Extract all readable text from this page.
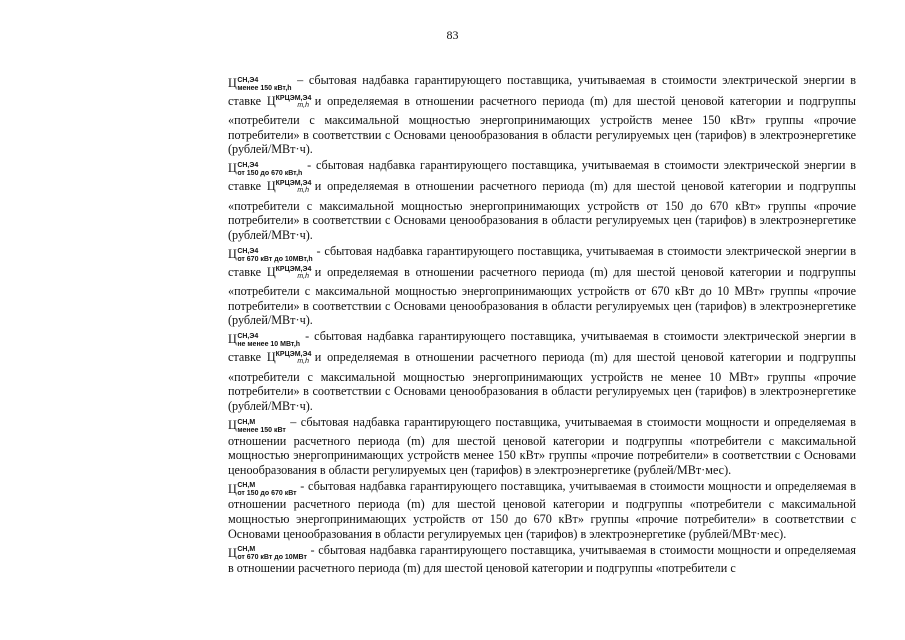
83

Ц СН,Э4
менее 150 кВт,h
– сбытовая надбавка гарантирующего поставщика, учитываемая в стоимости электрической энергии в ставке $Ц^{КРЦЭМ,Э4}m,h$ и определяемая в отношении расчетного периода (m) для шестой ценовой категории и подгруппы «потребители с максимальной мощностью энергопринимающих устройств менее 150 кВт» группы «прочие потребители» в соответствии с Основами ценообразования в области регулируемых цен (тарифов) в электроэнергетике (рублей/МВт·ч).

Ц СН,Э4
от 150 до 670 кВт,h
- сбытовая надбавка гарантирующего поставщика, учитываемая в стоимости электрической энергии в ставке $Ц^{КРЦЭМ,Э4}m,h$ и определяемая в отношении расчетного периода (m) для шестой ценовой категории и подгруппы «потребители с максимальной мощностью энергопринимающих устройств от 150 до 670 кВт» группы «прочие потребители» в соответствии с Основами ценообразования в области регулируемых цен (тарифов) в электроэнергетике (рублей/МВт·ч).

Ц СН,Э4
от 670 кВт до 10МВт,h
- сбытовая надбавка гарантирующего поставщика, учитываемая в стоимости электрической энергии в ставке $Ц^{КРЦЭМ,Э4}m,h$ и определяемая в отношении расчетного периода (m) для шестой ценовой категории и подгруппы «потребители с максимальной мощностью энергопринимающих устройств от 670 кВт до 10 МВт» группы «прочие потребители» в соответствии с Основами ценообразования в области регулируемых цен (тарифов) в электроэнергетике (рублей/МВт·ч).

Ц СН,Э4
не менее 10 МВт,h
- сбытовая надбавка гарантирующего поставщика, учитываемая в стоимости электрической энергии в ставке $Ц^{КРЦЭМ,Э4}m,h$ и определяемая в отношении расчетного периода (m) для шестой ценовой категории и подгруппы «потребители с максимальной мощностью энергопринимающих устройств не менее 10 МВт» группы «прочие потребители» в соответствии с Основами ценообразования в области регулируемых цен (тарифов) в электроэнергетике (рублей/МВт·ч).

Ц СН,М
менее 150 кВт
– сбытовая надбавка гарантирующего поставщика, учитываемая в стоимости мощности и определяемая в отношении расчетного периода (m) для шестой ценовой категории и подгруппы «потребители с максимальной мощностью энергопринимающих устройств менее 150 кВт» группы «прочие потребители» в соответствии с Основами ценообразования в области регулируемых цен (тарифов) в электроэнергетике (рублей/МВт·мес).

Ц СН,М
от 150 до 670 кВт
- сбытовая надбавка гарантирующего поставщика, учитываемая в стоимости мощности и определяемая в отношении расчетного периода (m) для шестой ценовой категории и подгруппы «потребители с максимальной мощностью энергопринимающих устройств от 150 до 670 кВт» группы «прочие потребители» в соответствии с Основами ценообразования в области регулируемых цен (тарифов) в электроэнергетике (рублей/МВт·мес).

Ц СН,М
от 670 кВт до 10МВт
- сбытовая надбавка гарантирующего поставщика, учитываемая в стоимости мощности и определяемая в отношении расчетного периода (m) для шестой ценовой категории и подгруппы «потребители с
